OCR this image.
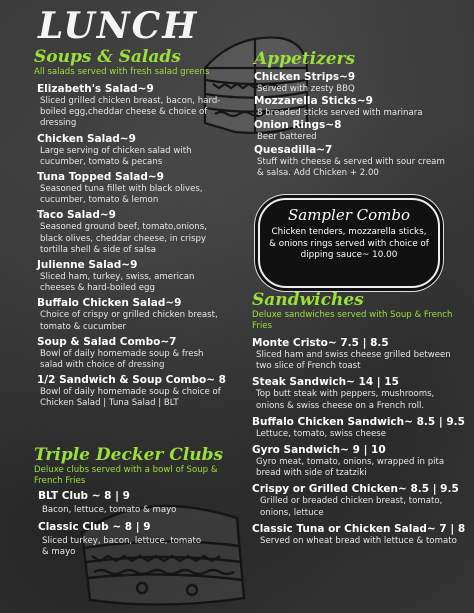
LUNCH
Soups & Salads
All salads served with fresh salad greens
Elizabeth's Salad~9
Sliced grilled chicken breast, bacon, hard-boiled egg,cheddar cheese & choice of dressing
Chicken Salad~9
Large serving of chicken salad with cucumber, tomato & pecans
Tuna Topped Salad~9
Seasoned tuna fillet with black olives, cucumber, tomato & lemon
Taco Salad~9
Seasoned ground beef, tomato,onions, black olives, cheddar cheese, in crispy tortilla shell & side of salsa
Julienne Salad~9
Sliced ham, turkey, swiss, american cheeses & hard-boiled egg
Buffalo Chicken Salad~9
Choice of crispy or grilled chicken breast, tomato & cucumber
Soup & Salad Combo~7
Bowl of daily homemade soup & fresh salad with choice of dressing
1/2 Sandwich & Soup Combo~ 8
Bowl of daily homemade soup & choice of Chicken Salad | Tuna Salad | BLT
Triple Decker Clubs
Deluxe clubs served with a bowl of Soup & French Fries
BLT Club ~ 8 | 9
Bacon, lettuce, tomato & mayo
Classic Club ~ 8 | 9
Sliced turkey, bacon, lettuce, tomato & mayo
Appetizers
Chicken Strips~9
Served with zesty BBQ
Mozzarella Sticks~9
8 breaded sticks served with marinara
Onion Rings~8
Beer battered
Quesadilla~7
Stuff with cheese & served with sour cream & salsa. Add Chicken + 2.00
Sampler Combo
Chicken tenders, mozzarella sticks, & onions rings served with choice of dipping sauce~ 10.00
Sandwiches
Deluxe sandwiches served with Soup & French Fries
Monte Cristo~ 7.5 | 8.5
Sliced ham and swiss cheese grilled between two slice of French toast
Steak Sandwich~ 14 | 15
Top butt steak with peppers, mushrooms, onions & swiss cheese on a French roll.
Buffalo Chicken Sandwich~ 8.5 | 9.5
Lettuce, tomato, swiss cheese
Gyro Sandwich~ 9 | 10
Gyro meat, tomato, onions, wrapped in pita bread with side of tzatziki
Crispy or Grilled Chicken~ 8.5 | 9.5
Grilled or breaded chicken breast, tomato, onions, lettuce
Classic Tuna or Chicken Salad~ 7 | 8
Served on wheat bread with lettuce & tomato
